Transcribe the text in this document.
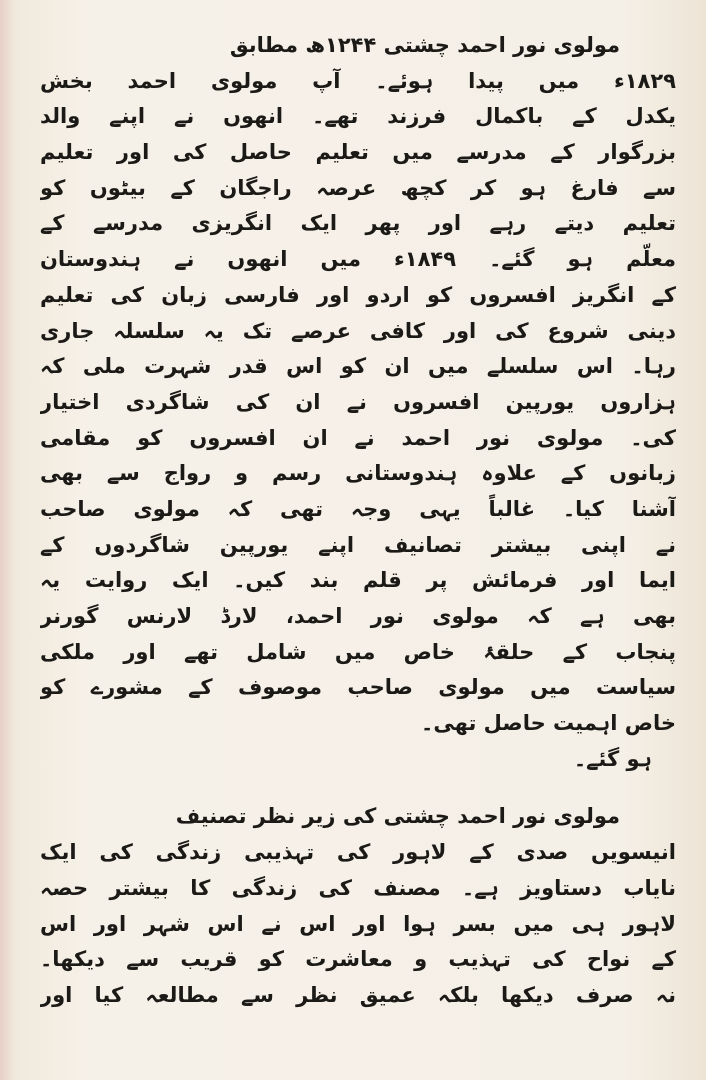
مولوی نور احمد چشتی ۱۲۴۴ھ مطابق
۱۸۲۹ء میں پیدا ہوئے۔ آپ مولوی احمد بخش
یکدل کے باکمال فرزند تھے۔ انھوں نے اپنے والد
بزرگوار کے مدرسے میں تعلیم حاصل کی اور تعلیم
سے فارغ ہو کر کچھ عرصہ راجگان کے بیٹوں کو
تعلیم دیتے رہے اور پھر ایک انگریزی مدرسے کے
معلّم ہو گئے۔ ۱۸۴۹ء میں انھوں نے ہندوستان
کے انگریز افسروں کو اردو اور فارسی زبان کی تعلیم
دینی شروع کی اور کافی عرصے تک یہ سلسلہ جاری
رہا۔ اس سلسلے میں ان کو اس قدر شہرت ملی کہ
ہزاروں یورپین افسروں نے ان کی شاگردی اختیار
کی۔ مولوی نور احمد نے ان افسروں کو مقامی
زبانوں کے علاوہ ہندوستانی رسم و رواج سے بھی
آشنا کیا۔ غالباً یہی وجہ تھی کہ مولوی صاحب
نے اپنی بیشتر تصانیف اپنے یورپین شاگردوں کے
ایما اور فرمائش پر قلم بند کیں۔ ایک روایت یہ
بھی ہے کہ مولوی نور احمد، لارڈ لارنس گورنر
پنجاب کے حلقۂ خاص میں شامل تھے اور ملکی
سیاست میں مولوی صاحب موصوف کے مشورے کو
خاص اہمیت حاصل تھی۔
ہو گئے۔
مولوی نور احمد چشتی کی زیر نظر تصنیف
انیسویں صدی کے لاہور کی تہذیبی زندگی کی ایک
نایاب دستاویز ہے۔ مصنف کی زندگی کا بیشتر حصہ
لاہور ہی میں بسر ہوا اور اس نے اس شہر اور اس
کے نواح کی تہذیب و معاشرت کو قریب سے دیکھا۔
نہ صرف دیکھا بلکہ عمیق نظر سے مطالعہ کیا اور
